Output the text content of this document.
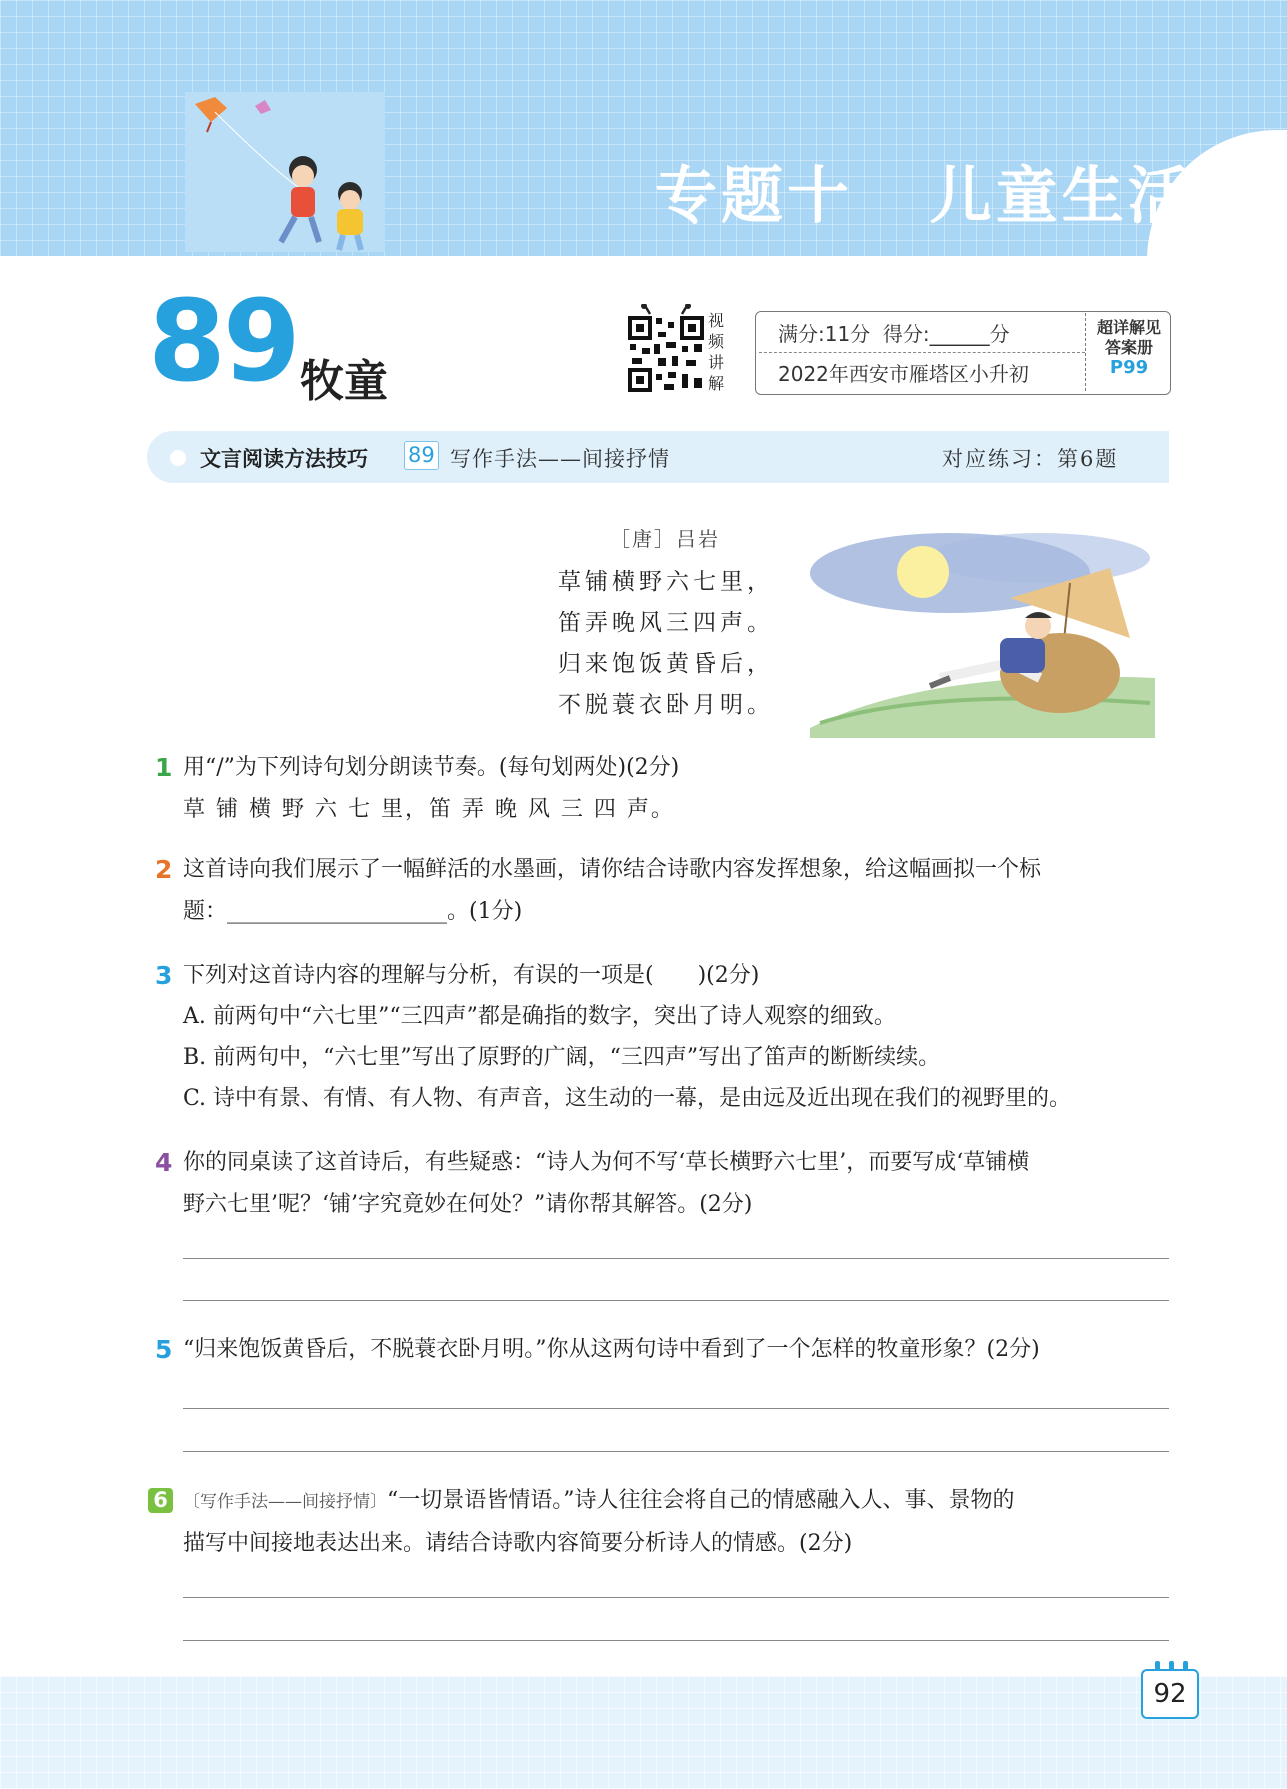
专题十   儿童生活
89 牧童
视频讲解
满分:11分  得分:______分
2022年西安市雁塔区小升初
超详解见
答案册
P99
文言阅读方法技巧 89 写作手法——间接抒情	对应练习：第6题
［唐］吕岩
草铺横野六七里，
笛弄晚风三四声。
归来饱饭黄昏后，
不脱蓑衣卧月明。
1 用“/”为下列诗句划分朗读节奏。(每句划两处)(2分)
草 铺 横 野 六 七 里，笛 弄 晚 风 三 四 声。
2 这首诗向我们展示了一幅鲜活的水墨画，请你结合诗歌内容发挥想象，给这幅画拟一个标
题：____________________。(1分)
3 下列对这首诗内容的理解与分析，有误的一项是(　　)(2分)
A. 前两句中“六七里”“三四声”都是确指的数字，突出了诗人观察的细致。
B. 前两句中，“六七里”写出了原野的广阔，“三四声”写出了笛声的断断续续。
C. 诗中有景、有情、有人物、有声音，这生动的一幕，是由远及近出现在我们的视野里的。
4 你的同桌读了这首诗后，有些疑惑：“诗人为何不写‘草长横野六七里’，而要写成‘草铺横
野六七里’呢？‘铺’字究竟妙在何处？”请你帮其解答。(2分)
5 “归来饱饭黄昏后，不脱蓑衣卧月明。”你从这两句诗中看到了一个怎样的牧童形象？(2分)
6 〔写作手法——间接抒情〕“一切景语皆情语。”诗人往往会将自己的情感融入人、事、景物的
描写中间接地表达出来。请结合诗歌内容简要分析诗人的情感。(2分)
92
